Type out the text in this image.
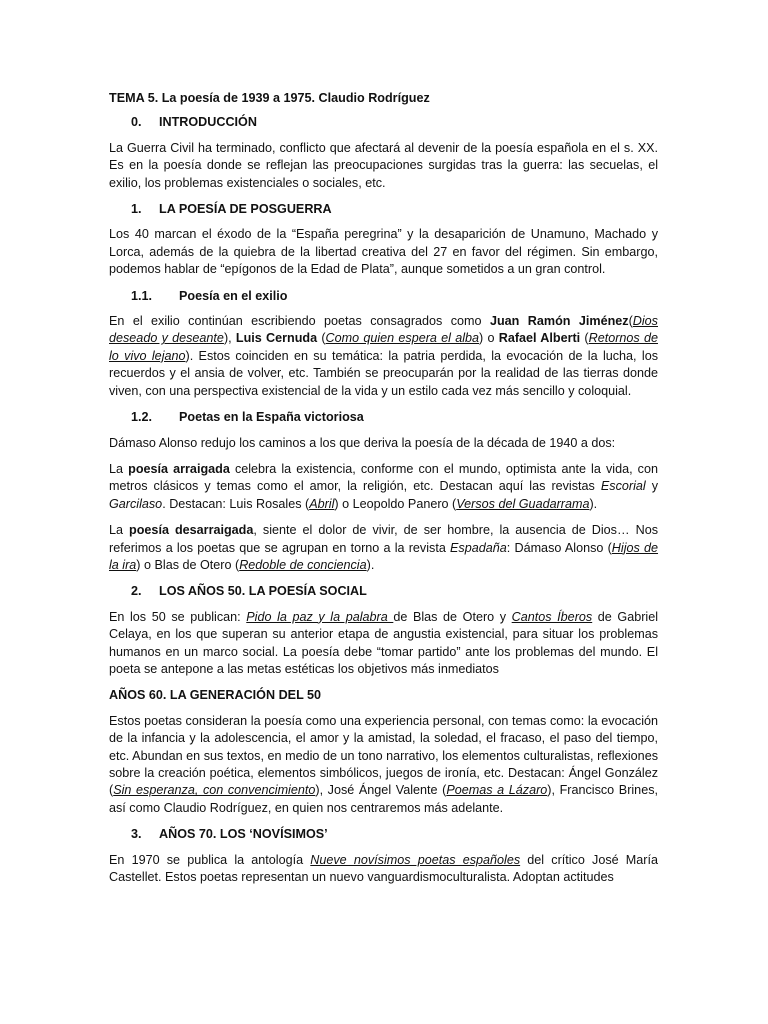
TEMA 5. La poesía de 1939 a 1975. Claudio Rodríguez
0.	INTRODUCCIÓN

La Guerra Civil ha terminado, conflicto que afectará al devenir de la poesía española en el s. XX. Es en la poesía donde se reflejan las preocupaciones surgidas tras la guerra: las secuelas, el exilio, los problemas existenciales o sociales, etc.

1.	LA POESÍA DE POSGUERRA

Los 40 marcan el éxodo de la “España peregrina” y la desaparición de Unamuno, Machado y Lorca, además de la quiebra de la libertad creativa del 27 en favor del régimen. Sin embargo, podemos hablar de “epígonos de la Edad de Plata”, aunque sometidos a un gran control.

1.1.	Poesía en el exilio

En el exilio continúan escribiendo poetas consagrados como Juan Ramón Jiménez(Dios deseado y deseante), Luis Cernuda (Como quien espera el alba) o Rafael Alberti (Retornos de lo vivo lejano). Estos coinciden en su temática: la patria perdida, la evocación de la lucha, los recuerdos y el ansia de volver, etc. También se preocuparán por la realidad de las tierras donde viven, con una perspectiva existencial de la vida y un estilo cada vez más sencillo y coloquial.

1.2.	Poetas en la España victoriosa

Dámaso Alonso redujo los caminos a los que deriva la poesía de la década de 1940 a dos:

La poesía arraigada celebra la existencia, conforme con el mundo, optimista ante la vida, con metros clásicos y temas como el amor, la religión, etc. Destacan aquí las revistas Escorial y Garcilaso. Destacan: Luis Rosales (Abril) o Leopoldo Panero (Versos del Guadarrama).

La poesía desarraigada, siente el dolor de vivir, de ser hombre, la ausencia de Dios… Nos referimos a los poetas que se agrupan en torno a la revista Espadaña: Dámaso Alonso (Hijos de la ira) o Blas de Otero (Redoble de conciencia).

2.	LOS AÑOS 50. LA POESÍA SOCIAL

En los 50 se publican: Pido la paz y la palabra de Blas de Otero y Cantos Íberos de Gabriel Celaya, en los que superan su anterior etapa de angustia existencial, para situar los problemas humanos en un marco social. La poesía debe “tomar partido” ante los problemas del mundo. El poeta se antepone a las metas estéticas los objetivos más inmediatos

AÑOS 60. LA GENERACIÓN DEL 50

Estos poetas consideran la poesía como una experiencia personal, con temas como: la evocación de la infancia y la adolescencia, el amor y la amistad, la soledad, el fracaso, el paso del tiempo, etc. Abundan en sus textos, en medio de un tono narrativo, los elementos culturalistas, reflexiones sobre la creación poética, elementos simbólicos, juegos de ironía, etc. Destacan: Ángel González (Sin esperanza, con convencimiento), José Ángel Valente (Poemas a Lázaro), Francisco Brines, así como Claudio Rodríguez, en quien nos centraremos más adelante.

3.	AÑOS 70. LOS ‘NOVÍSIMOS’

En 1970 se publica la antología Nueve novísimos poetas españoles del crítico José María Castellet. Estos poetas representan un nuevo vanguardismoculturalista. Adoptan actitudes
